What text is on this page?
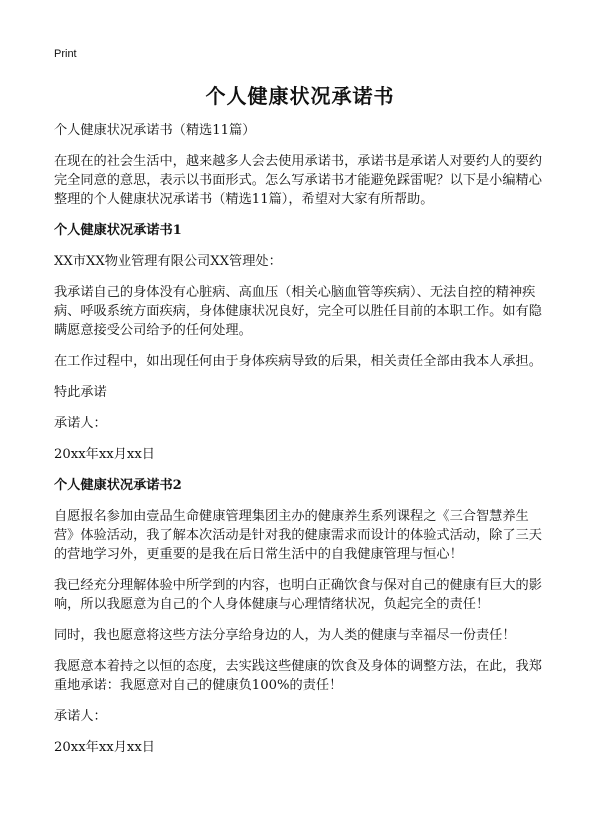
Print
个人健康状况承诺书

个人健康状况承诺书（精选11篇）

在现在的社会生活中，越来越多人会去使用承诺书，承诺书是承诺人对要约人的要约完全同意的意思，表示以书面形式。怎么写承诺书才能避免踩雷呢？以下是小编精心整理的个人健康状况承诺书（精选11篇），希望对大家有所帮助。

个人健康状况承诺书1

XX市XX物业管理有限公司XX管理处：

我承诺自己的身体没有心脏病、高血压（相关心脑血管等疾病）、无法自控的精神疾病、呼吸系统方面疾病，身体健康状况良好，完全可以胜任目前的本职工作。如有隐瞒愿意接受公司给予的任何处理。

在工作过程中，如出现任何由于身体疾病导致的后果，相关责任全部由我本人承担。

特此承诺

承诺人：

20xx年xx月xx日

个人健康状况承诺书2

自愿报名参加由壹品生命健康管理集团主办的健康养生系列课程之《三合智慧养生营》体验活动，我了解本次活动是针对我的健康需求而设计的体验式活动，除了三天的营地学习外，更重要的是我在后日常生活中的自我健康管理与恒心！

我已经充分理解体验中所学到的内容，也明白正确饮食与保对自己的健康有巨大的影响，所以我愿意为自己的个人身体健康与心理情绪状况，负起完全的责任！

同时，我也愿意将这些方法分享给身边的人，为人类的健康与幸福尽一份责任！

我愿意本着持之以恒的态度，去实践这些健康的饮食及身体的调整方法，在此，我郑重地承诺：我愿意对自己的健康负100%的责任！

承诺人：

20xx年xx月xx日
